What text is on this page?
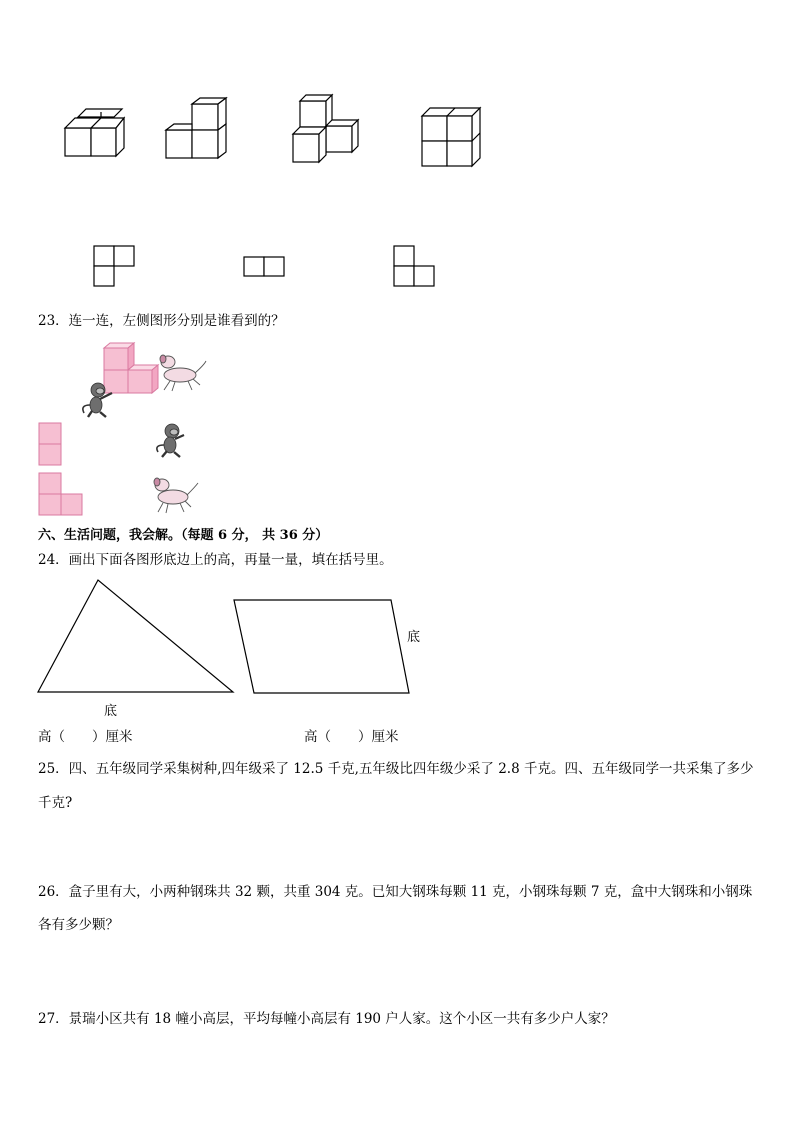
23．连一连，左侧图形分别是谁看到的？
六、生活问题，我会解。（每题 6 分， 共 36 分）
24．画出下面各图形底边上的高，再量一量，填在括号里。
底
底
高（　　）厘米	高（　　）厘米
25．四、五年级同学采集树种,四年级采了 12.5 千克,五年级比四年级少采了 2.8 千克。四、五年级同学一共采集了多少
千克?
26．盒子里有大，小两种钢珠共 32 颗，共重 304 克。已知大钢珠每颗 11 克，小钢珠每颗 7 克，盒中大钢珠和小钢珠
各有多少颗？
27．景瑞小区共有 18 幢小高层，平均每幢小高层有 190 户人家。这个小区一共有多少户人家？
